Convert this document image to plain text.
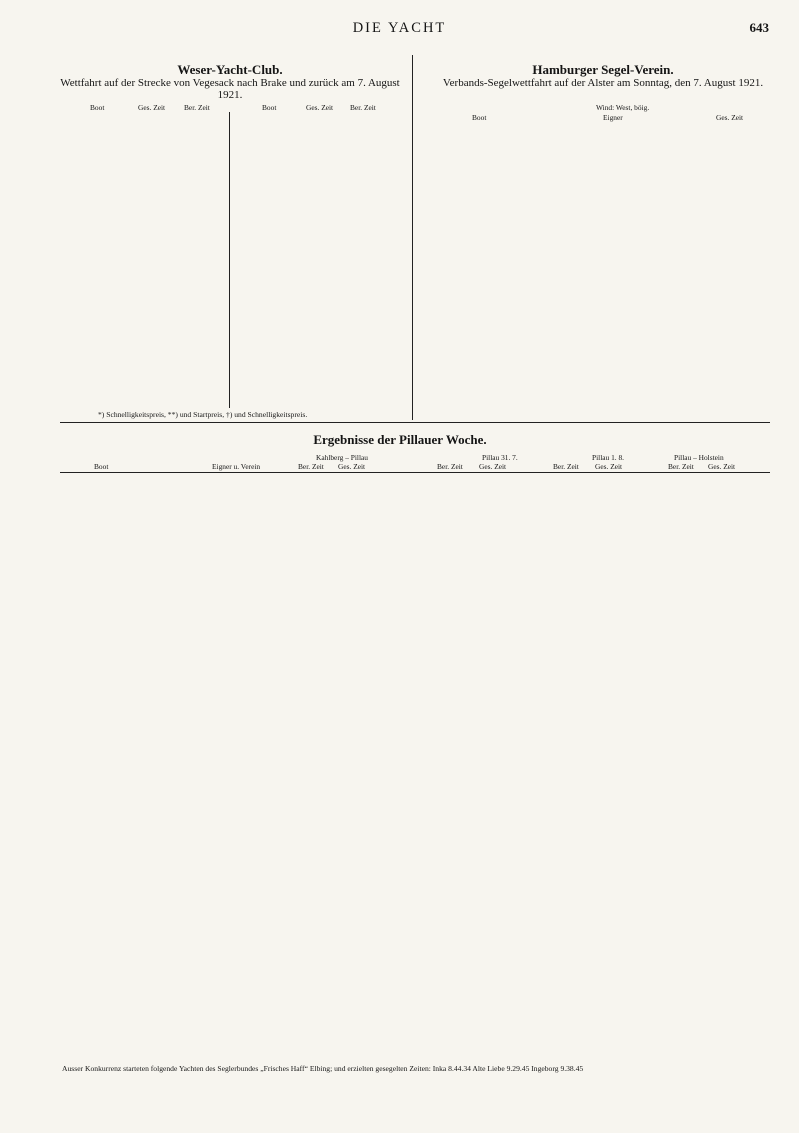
DIE YACHT	643
Weser-Yacht-Club.
Wettfahrt auf der Strecke von Vegesack nach Brake und zurück am 7. August 1921.
Boot	Ges. Zeit	Ber. Zeit	Boot	Ges. Zeit Ber. Zeit
*) Schnelligkeitspreis, **) und Startpreis, †) und Schnelligkeitspreis.
Hamburger Segel-Verein.
Verbands-Segelwettfahrt auf der Alster am Sonntag, den 7. August 1921.
Wind: West, böig.
Boot	Eigner	Ges. Zeit
Ergebnisse der Pillauer Woche.
Kahlberg – Pillau	Pillau 31. 7.	Pillau 1. 8.	Pillau – Holstein
Boot	Eigner u. Verein	Ber. Zeit Ges. Zeit	Ber. Zeit Ges. Zeit	Ber. Zeit Ges. Zeit	Ber. Zeit Ges. Zeit
Ausser Konkurrenz starteten folgende Yachten des Seglerbundes „Frisches Haff“ Elbing; und erzielten gesegelten Zeiten: Inka 8.44.34 Alte Liebe 9.29.45 Ingeborg 9.38.45
